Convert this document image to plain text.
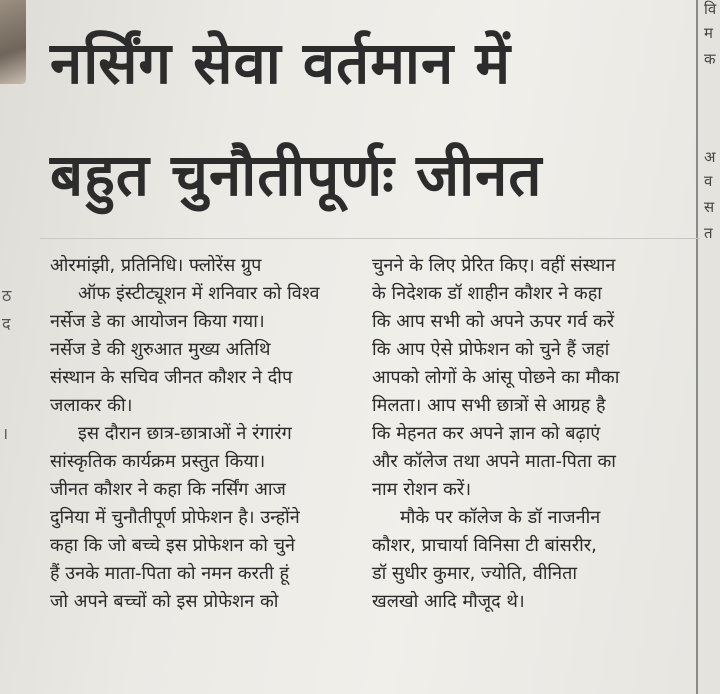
ठ
द
।
वि
म
क
अ
व
स
त
नर्सिंग सेवा वर्तमान में
बहुत चुनौतीपूर्णः जीनत

ओरमांझी, प्रतिनिधि। फ्लोरेंस ग्रुप

ऑफ इंस्टीट्यूशन में शनिवार को विश्व

नर्सेज डे का आयोजन किया गया।

नर्सेज डे की शुरुआत मुख्य अतिथि

संस्थान के सचिव जीनत कौशर ने दीप

जलाकर की।

इस दौरान छात्र-छात्राओं ने रंगारंग

सांस्कृतिक कार्यक्रम प्रस्तुत किया।

जीनत कौशर ने कहा कि नर्सिंग आज

दुनिया में चुनौतीपूर्ण प्रोफेशन है। उन्होंने

कहा कि जो बच्चे इस प्रोफेशन को चुने

हैं उनके माता-पिता को नमन करती हूं

जो अपने बच्चों को इस प्रोफेशन को

चुनने के लिए प्रेरित किए। वहीं संस्थान

के निदेशक डॉ शाहीन कौशर ने कहा

कि आप सभी को अपने ऊपर गर्व करें

कि आप ऐसे प्रोफेशन को चुने हैं जहां

आपको लोगों के आंसू पोछने का मौका

मिलता। आप सभी छात्रों से आग्रह है

कि मेहनत कर अपने ज्ञान को बढ़ाएं

और कॉलेज तथा अपने माता-पिता का

नाम रोशन करें।

मौके पर कॉलेज के डॉ नाजनीन

कौशर, प्राचार्या विनिसा टी बांसरीर,

डॉ सुधीर कुमार, ज्योति, वीनिता

खलखो आदि मौजूद थे।
